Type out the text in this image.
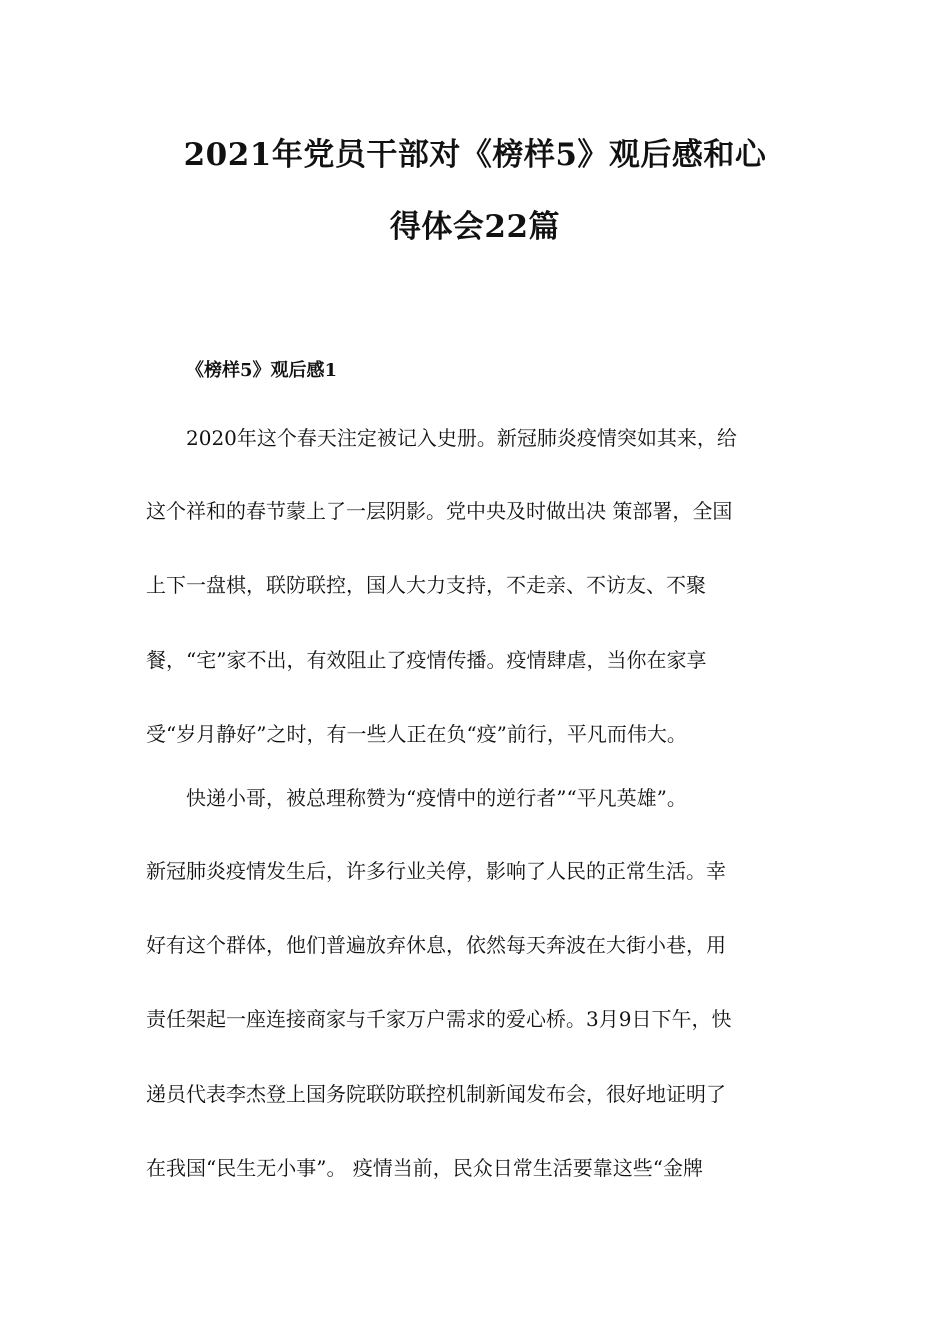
2021年党员干部对《榜样5》观后感和心
得体会22篇
《榜样5》观后感1
2020年这个春天注定被记入史册。新冠肺炎疫情突如其来，给
这个祥和的春节蒙上了一层阴影。党中央及时做出决 策部署，全国
上下一盘棋，联防联控，国人大力支持，不走亲、不访友、不聚
餐，“宅”家不出，有效阻止了疫情传播。疫情肆虐，当你在家享
受“岁月静好”之时，有一些人正在负“疫”前行，平凡而伟大。
快递小哥，被总理称赞为“疫情中的逆行者”“平凡英雄”。
新冠肺炎疫情发生后，许多行业关停，影响了人民的正常生活。幸
好有这个群体，他们普遍放弃休息，依然每天奔波在大街小巷，用
责任架起一座连接商家与千家万户需求的爱心桥。3月9日下午，快
递员代表李杰登上国务院联防联控机制新闻发布会，很好地证明了
在我国“民生无小事”。 疫情当前，民众日常生活要靠这些“金牌
